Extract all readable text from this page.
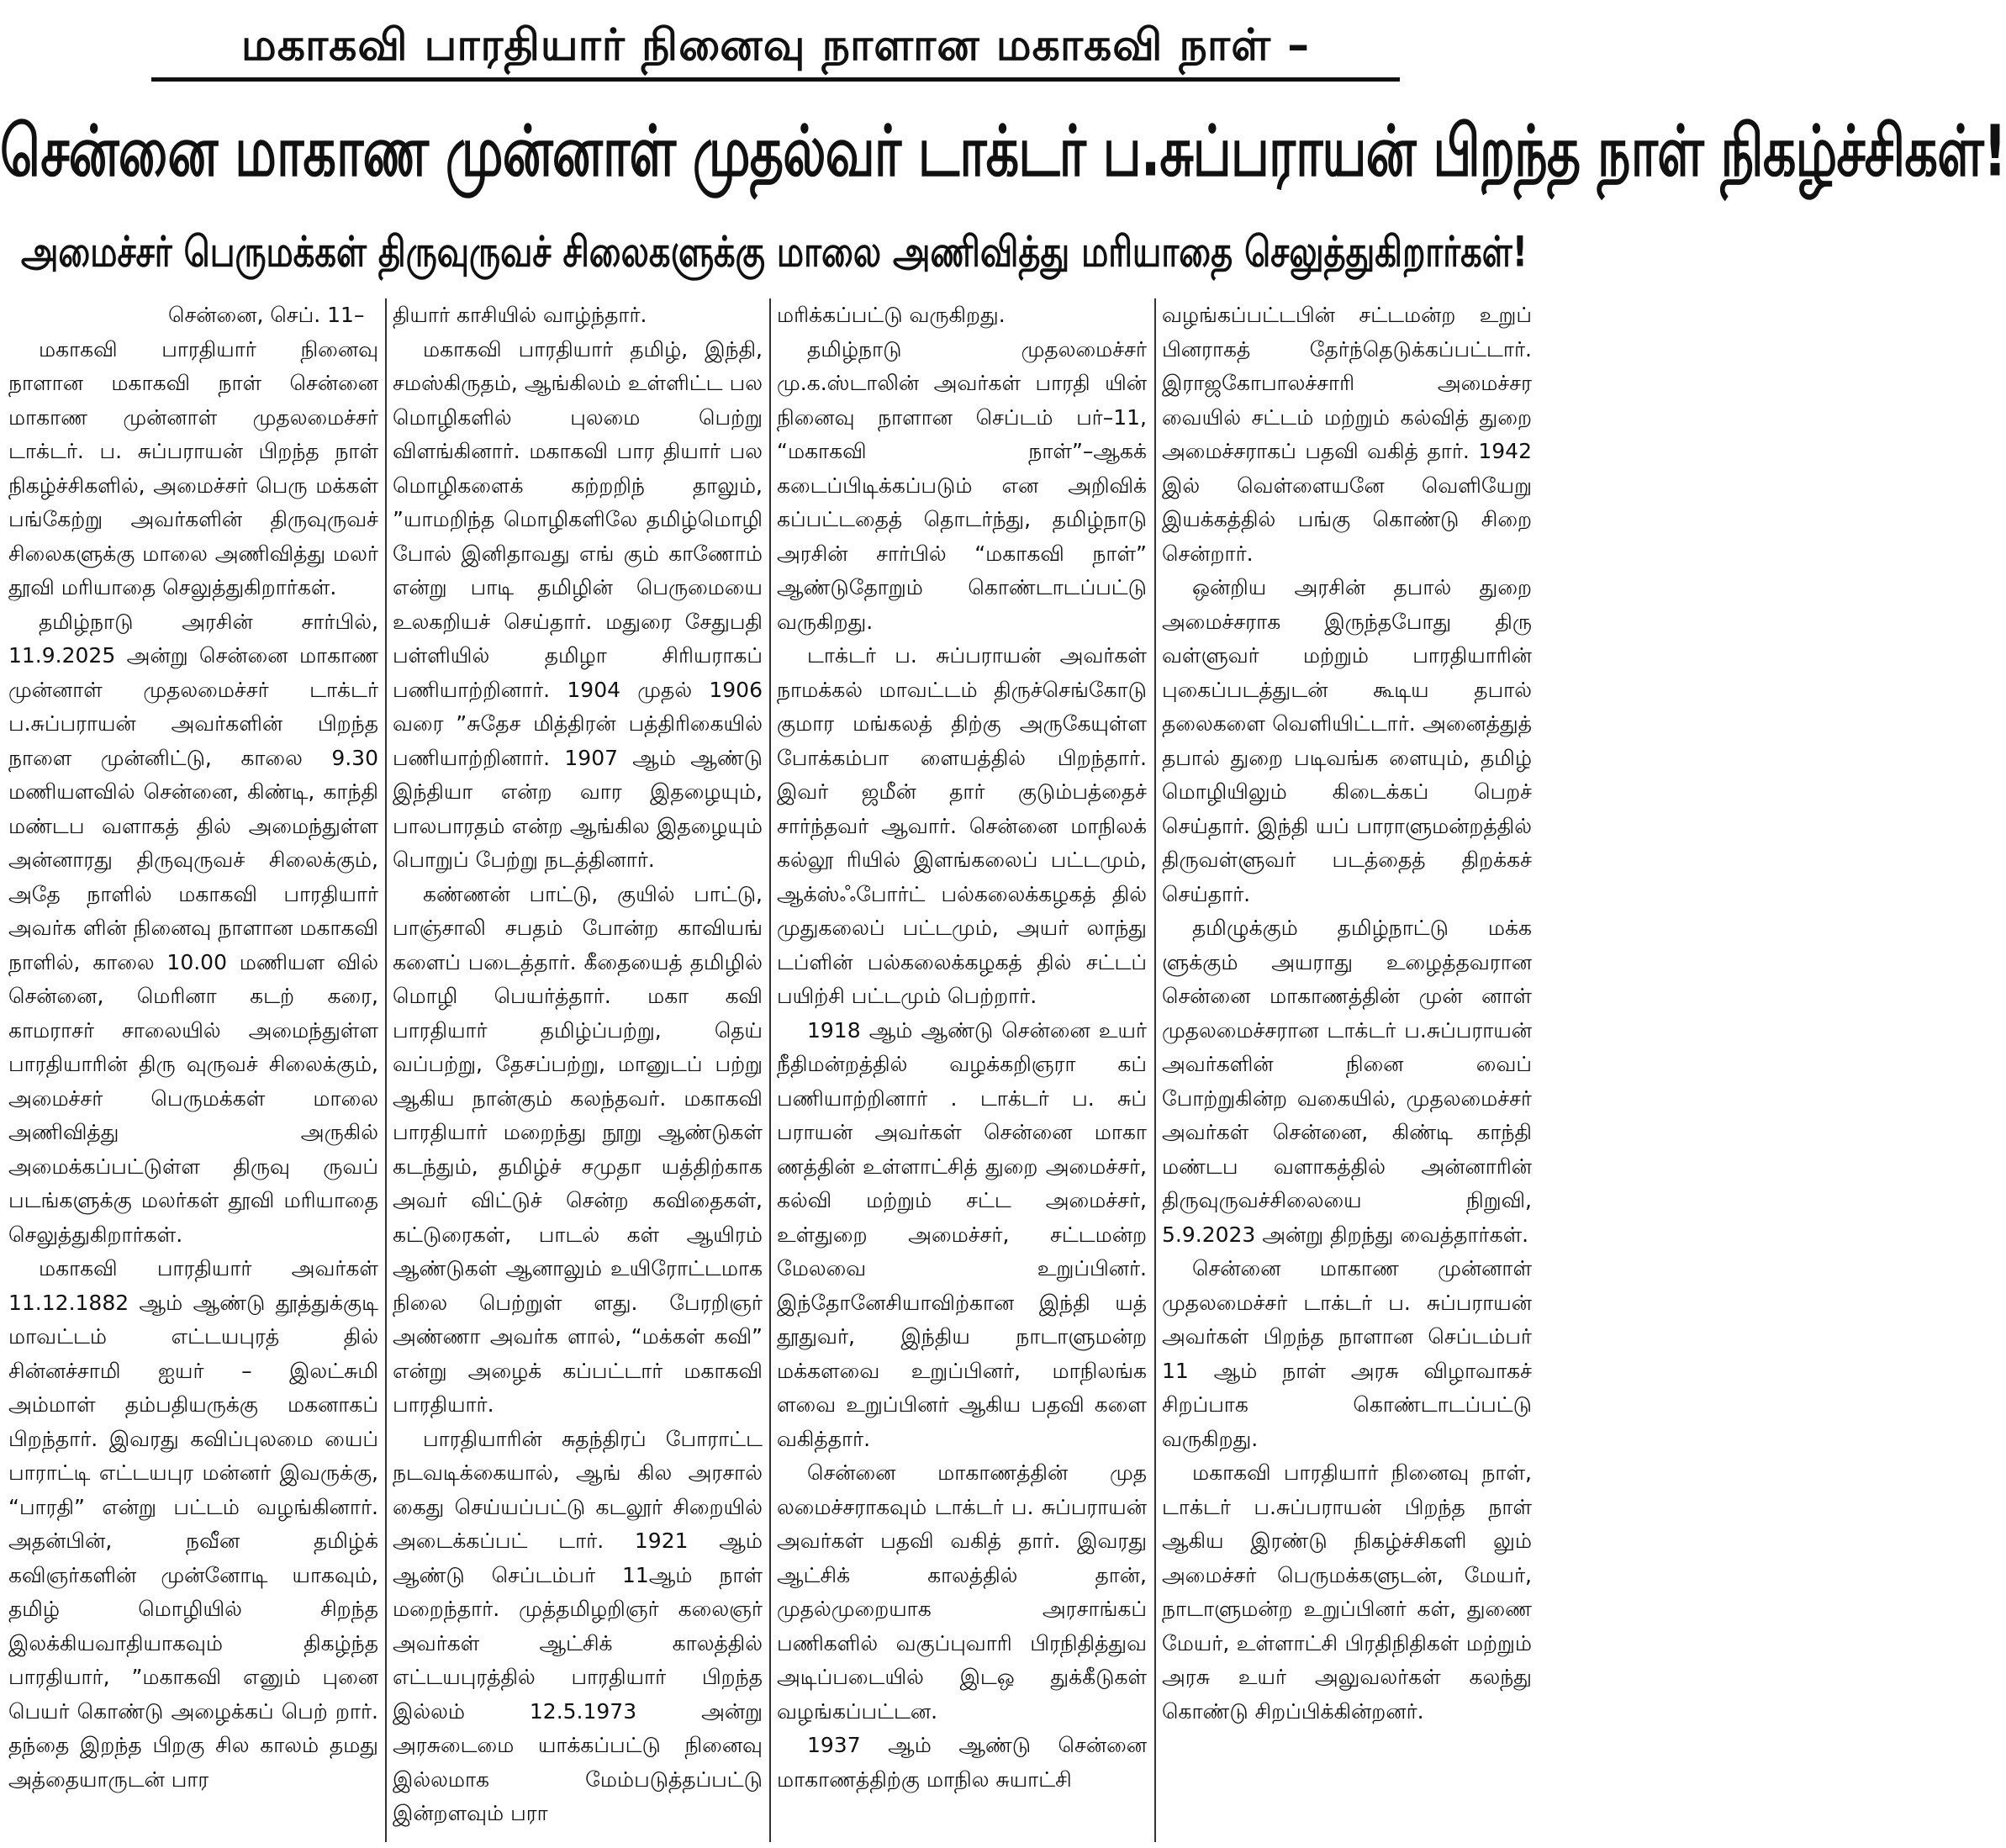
மகாகவி பாரதியார் நினைவு நாளான மகாகவி நாள் –
சென்னை மாகாண முன்னாள் முதல்வர் டாக்டர் ப.சுப்பராயன் பிறந்த நாள் நிகழ்ச்சிகள்!
அமைச்சர் பெருமக்கள் திருவுருவச் சிலைகளுக்கு மாலை அணிவித்து மரியாதை செலுத்துகிறார்கள்!

சென்னை, செப். 11–

மகாகவி பாரதியார் நினைவு நாளான மகாகவி நாள் சென்னை மாகாண முன்னாள் முதலமைச்சர் டாக்டர். ப. சுப்பராயன் பிறந்த நாள் நிகழ்ச்சிகளில், அமைச்சர் பெரு மக்கள் பங்கேற்று அவர்களின் திருவுருவச் சிலைகளுக்கு மாலை அணிவித்து மலர் தூவி மரியாதை செலுத்துகிறார்கள்.

தமிழ்நாடு அரசின் சார்பில், 11.9.2025 அன்று சென்னை மாகாண முன்னாள் முதலமைச்சர் டாக்டர் ப.சுப்பராயன் அவர்களின் பிறந்த நாளை முன்னிட்டு, காலை 9.30 மணியளவில் சென்னை, கிண்டி, காந்தி மண்டப வளாகத் தில் அமைந்துள்ள அன்னாரது திருவுருவச் சிலைக்கும், அதே நாளில் மகாகவி பாரதியார் அவர்க ளின் நினைவு நாளான மகாகவி நாளில், காலை 10.00 மணியள வில் சென்னை, மெரினா கடற் கரை, காமராசர் சாலையில் அமைந்துள்ள பாரதியாரின் திரு வுருவச் சிலைக்கும், அமைச்சர் பெருமக்கள் மாலை அணிவித்து அருகில் அமைக்கப்பட்டுள்ள திருவு ருவப் படங்களுக்கு மலர்கள் தூவி மரியாதை செலுத்துகிறார்கள்.

மகாகவி பாரதியார் அவர்கள் 11.12.1882 ஆம் ஆண்டு தூத்துக்குடி மாவட்டம் எட்டயபுரத் தில் சின்னச்சாமி ஐயர் – இலட்சுமி அம்மாள் தம்பதியருக்கு மகனாகப் பிறந்தார். இவரது கவிப்புலமை யைப் பாராட்டி எட்டயபுர மன்னர் இவருக்கு, “பாரதி” என்று பட்டம் வழங்கினார். அதன்பின், நவீன தமிழ்க் கவிஞர்களின் முன்னோடி யாகவும், தமிழ் மொழியில் சிறந்த இலக்கியவாதியாகவும் திகழ்ந்த பாரதியார், ”மகாகவி எனும் புனை பெயர் கொண்டு அழைக்கப் பெற் றார். தந்தை இறந்த பிறகு சில காலம் தமது அத்தையாருடன் பார

தியார் காசியில் வாழ்ந்தார்.

மகாகவி பாரதியார் தமிழ், இந்தி, சமஸ்கிருதம், ஆங்கிலம் உள்ளிட்ட பல மொழிகளில் புலமை பெற்று விளங்கினார். மகாகவி பார தியார் பல மொழிகளைக் கற்றறிந் தாலும், ”யாமறிந்த மொழிகளிலே தமிழ்மொழி போல் இனிதாவது எங் கும் காணோம் என்று பாடி தமிழின் பெருமையை உலகறியச் செய்தார். மதுரை சேதுபதி பள்ளியில் தமிழா சிரியராகப் பணியாற்றினார். 1904 முதல் 1906 வரை ”சுதேச மித்திரன் பத்திரிகையில் பணியாற்றினார். 1907 ஆம் ஆண்டு இந்தியா என்ற வார இதழையும், பாலபாரதம் என்ற ஆங்கில இதழையும் பொறுப் பேற்று நடத்தினார்.

கண்ணன் பாட்டு, குயில் பாட்டு, பாஞ்சாலி சபதம் போன்ற காவியங் களைப் படைத்தார். கீதையைத் தமிழில் மொழி பெயர்த்தார். மகா கவி பாரதியார் தமிழ்ப்பற்று, தெய் வப்பற்று, தேசப்பற்று, மானுடப் பற்று ஆகிய நான்கும் கலந்தவர். மகாகவி பாரதியார் மறைந்து நூறு ஆண்டுகள் கடந்தும், தமிழ்ச் சமுதா யத்திற்காக அவர் விட்டுச் சென்ற கவிதைகள், கட்டுரைகள், பாடல் கள் ஆயிரம் ஆண்டுகள் ஆனாலும் உயிரோட்டமாக நிலை பெற்றுள் ளது. பேரறிஞர் அண்ணா அவர்க ளால், “மக்கள் கவி” என்று அழைக் கப்பட்டார் மகாகவி பாரதியார்.

பாரதியாரின் சுதந்திரப் போராட்ட நடவடிக்கையால், ஆங் கில அரசால் கைது செய்யப்பட்டு கடலூர் சிறையில் அடைக்கப்பட் டார். 1921 ஆம் ஆண்டு செப்டம்பர் 11ஆம் நாள் மறைந்தார். முத்தமிழறிஞர் கலைஞர் அவர்கள் ஆட்சிக் காலத்தில் எட்டயபுரத்தில் பாரதியார் பிறந்த இல்லம் 12.5.1973 அன்று அரசுடைமை யாக்கப்பட்டு நினைவு இல்லமாக மேம்படுத்தப்பட்டு இன்றளவும் பரா

மரிக்கப்பட்டு வருகிறது.

தமிழ்நாடு முதலமைச்சர் மு.க.ஸ்டாலின் அவர்கள் பாரதி யின் நினைவு நாளான செப்டம் பர்–11, “மகாகவி நாள்”–ஆகக் கடைப்பிடிக்கப்படும் என அறிவிக் கப்பட்டதைத் தொடர்ந்து, தமிழ்நாடு அரசின் சார்பில் “மகாகவி நாள்” ஆண்டுதோறும் கொண்டாடப்பட்டு வருகிறது.

டாக்டர் ப. சுப்பராயன் அவர்கள் நாமக்கல் மாவட்டம் திருச்செங்கோடு குமார மங்கலத் திற்கு அருகேயுள்ள போக்கம்பா ளையத்தில் பிறந்தார். இவர் ஜமீன் தார் குடும்பத்தைச் சார்ந்தவர் ஆவார். சென்னை மாநிலக் கல்லூ ரியில் இளங்கலைப் பட்டமும், ஆக்ஸ்ஃபோர்ட் பல்கலைக்கழகத் தில் முதுகலைப் பட்டமும், அயர் லாந்து டப்ளின் பல்கலைக்கழகத் தில் சட்டப் பயிற்சி பட்டமும் பெற்றார்.

1918 ஆம் ஆண்டு சென்னை உயர் நீதிமன்றத்தில் வழக்கறிஞரா கப் பணியாற்றினார் . டாக்டர் ப. சுப் பராயன் அவர்கள் சென்னை மாகா ணத்தின் உள்ளாட்சித் துறை அமைச்சர், கல்வி மற்றும் சட்ட அமைச்சர், உள்துறை அமைச்சர், சட்டமன்ற மேலவை உறுப்பினர். இந்தோனேசியாவிற்கான இந்தி யத் தூதுவர், இந்திய நாடாளுமன்ற மக்களவை உறுப்பினர், மாநிலங்க ளவை உறுப்பினர் ஆகிய பதவி களை வகித்தார்.

சென்னை மாகாணத்தின் முத லமைச்சராகவும் டாக்டர் ப. சுப்பராயன் அவர்கள் பதவி வகித் தார். இவரது ஆட்சிக் காலத்தில் தான், முதல்முறையாக அரசாங்கப் பணிகளில் வகுப்புவாரி பிரநிதித்துவ அடிப்படையில் இடஒ துக்கீடுகள் வழங்கப்பட்டன.

1937 ஆம் ஆண்டு சென்னை மாகாணத்திற்கு மாநில சுயாட்சி

வழங்கப்பட்டபின் சட்டமன்ற உறுப் பினராகத் தேர்ந்தெடுக்கப்பட்டார். இராஜகோபாலச்சாரி அமைச்சர வையில் சட்டம் மற்றும் கல்வித் துறை அமைச்சராகப் பதவி வகித் தார். 1942 இல் வெள்ளையனே வெளியேறு இயக்கத்தில் பங்கு கொண்டு சிறை சென்றார்.

ஒன்றிய அரசின் தபால் துறை அமைச்சராக இருந்தபோது திரு வள்ளுவர் மற்றும் பாரதியாரின் புகைப்படத்துடன் கூடிய தபால் தலைகளை வெளியிட்டார். அனைத்துத் தபால் துறை படிவங்க ளையும், தமிழ் மொழியிலும் கிடைக்கப் பெறச் செய்தார். இந்தி யப் பாராளுமன்றத்தில் திருவள்ளுவர் படத்தைத் திறக்கச் செய்தார்.

தமிழுக்கும் தமிழ்நாட்டு மக்க ளுக்கும் அயராது உழைத்தவரான சென்னை மாகாணத்தின் முன் னாள் முதலமைச்சரான டாக்டர் ப.சுப்பராயன் அவர்களின் நினை வைப் போற்றுகின்ற வகையில், முதலமைச்சர் அவர்கள் சென்னை, கிண்டி காந்தி மண்டப வளாகத்தில் அன்னாரின் திருவுருவச்சிலையை நிறுவி, 5.9.2023 அன்று திறந்து வைத்தார்கள்.

சென்னை மாகாண முன்னாள் முதலமைச்சர் டாக்டர் ப. சுப்பராயன் அவர்கள் பிறந்த நாளான செப்டம்பர் 11 ஆம் நாள் அரசு விழாவாகச் சிறப்பாக கொண்டாடப்பட்டு வருகிறது.

மகாகவி பாரதியார் நினைவு நாள், டாக்டர் ப.சுப்பராயன் பிறந்த நாள் ஆகிய இரண்டு நிகழ்ச்சிகளி லும் அமைச்சர் பெருமக்களுடன், மேயர், நாடாளுமன்ற உறுப்பினர் கள், துணை மேயர், உள்ளாட்சி பிரதிநிதிகள் மற்றும் அரசு உயர் அலுவலர்கள் கலந்து கொண்டு சிறப்பிக்கின்றனர்.
